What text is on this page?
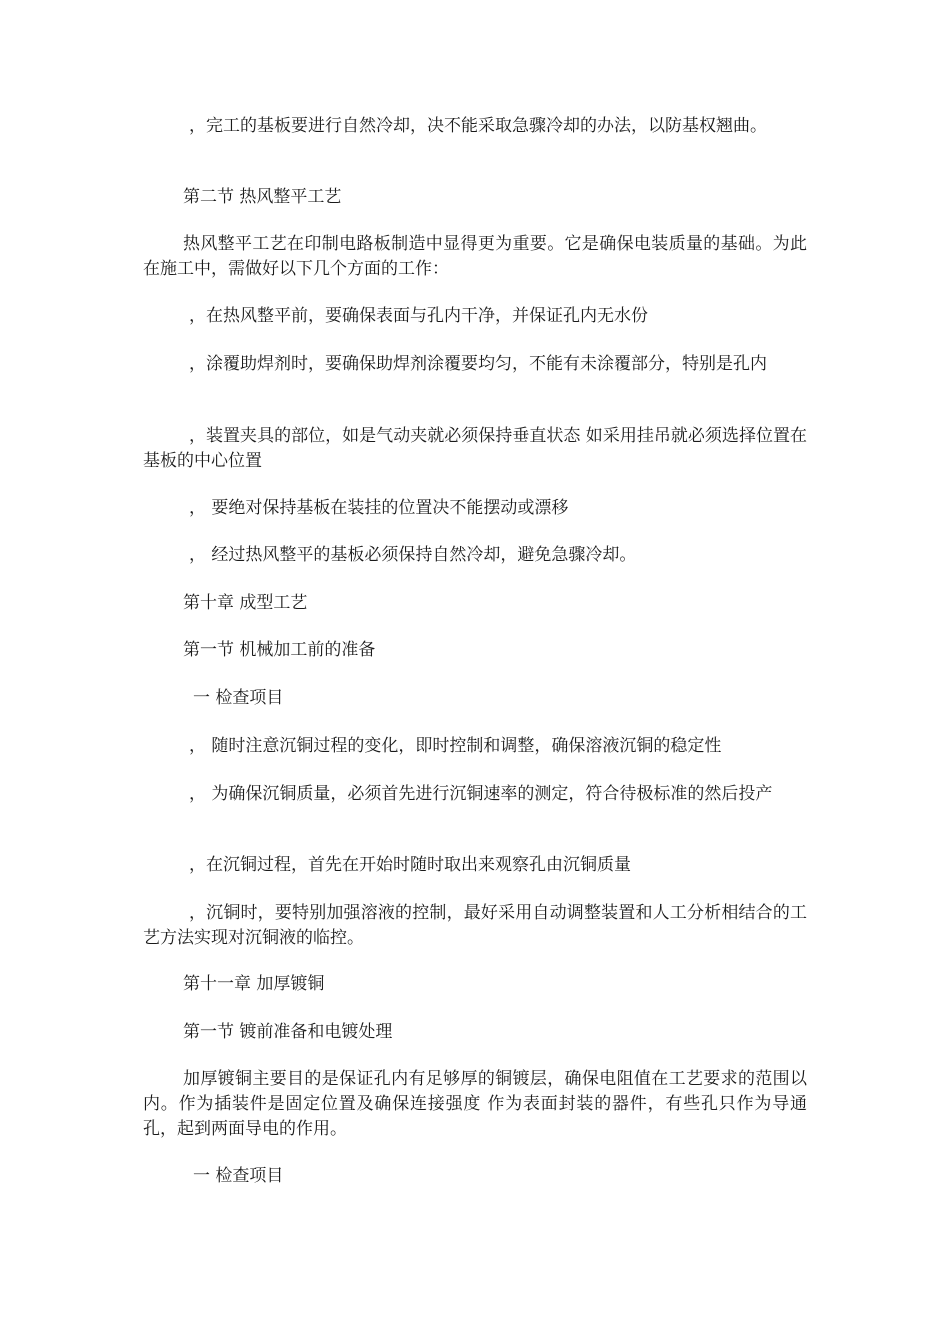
，完工的基板要进行自然冷却，决不能采取急骤冷却的办法，以防基权翘曲。

第二节 热风整平工艺

热风整平工艺在印制电路板制造中显得更为重要。它是确保电装质量的基础。为此在施工中，需做好以下几个方面的工作：

，在热风整平前，要确保表面与孔内干净，并保证孔内无水份

，涂覆助焊剂时，要确保助焊剂涂覆要均匀，不能有未涂覆部分，特别是孔内

，装置夹具的部位，如是气动夹就必须保持垂直状态 如采用挂吊就必须选择位置在基板的中心位置

， 要绝对保持基板在装挂的位置决不能摆动或漂移

， 经过热风整平的基板必须保持自然冷却，避免急骤冷却。

第十章 成型工艺

第一节 机械加工前的准备

一 检查项目

， 随时注意沉铜过程的变化，即时控制和调整，确保溶液沉铜的稳定性

， 为确保沉铜质量，必须首先进行沉铜速率的测定，符合待极标准的然后投产

，在沉铜过程，首先在开始时随时取出来观察孔由沉铜质量

，沉铜时，要特别加强溶液的控制，最好采用自动调整装置和人工分析相结合的工艺方法实现对沉铜液的临控。

第十一章 加厚镀铜

第一节 镀前准备和电镀处理

加厚镀铜主要目的是保证孔内有足够厚的铜镀层，确保电阻值在工艺要求的范围以内。作为插装件是固定位置及确保连接强度 作为表面封装的器件，有些孔只作为导通孔，起到两面导电的作用。

一 检查项目
